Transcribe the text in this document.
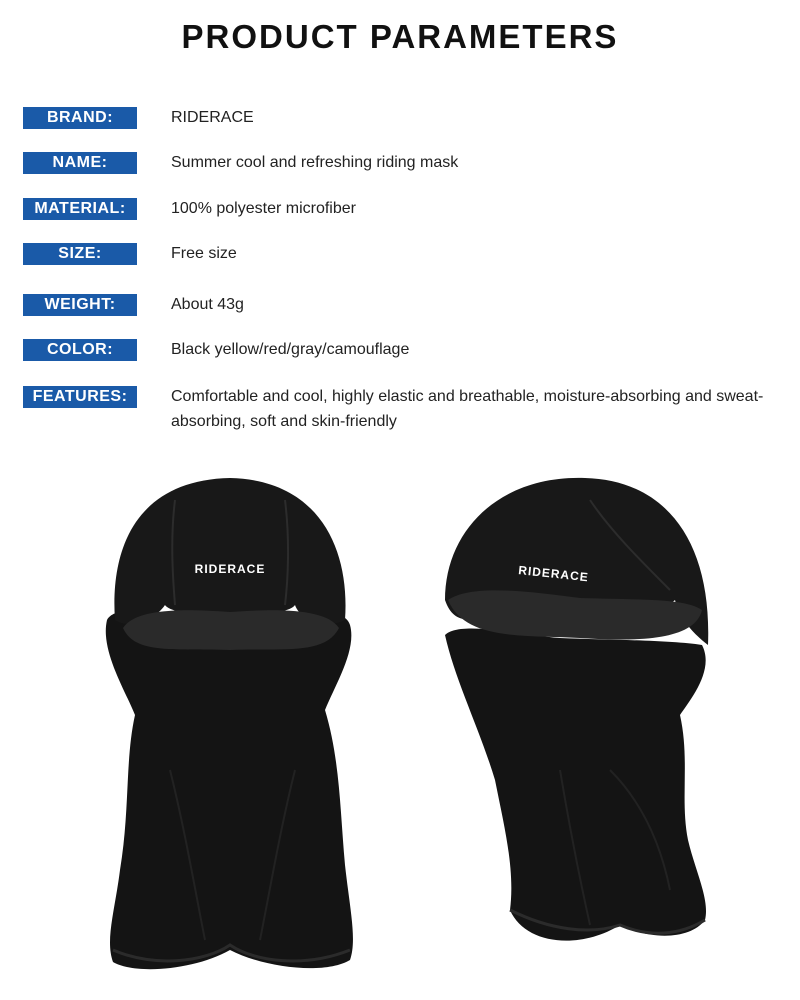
PRODUCT PARAMETERS
BRAND:	RIDERACE
NAME:	Summer cool and refreshing riding mask
MATERIAL:	100% polyester microfiber
SIZE:	Free size
WEIGHT:	About 43g
COLOR:	Black yellow/red/gray/camouflage
FEATURES:	Comfortable and cool, highly elastic and breathable, moisture-absorbing and sweat-absorbing, soft and skin-friendly
RIDERACE	RIDERACE
